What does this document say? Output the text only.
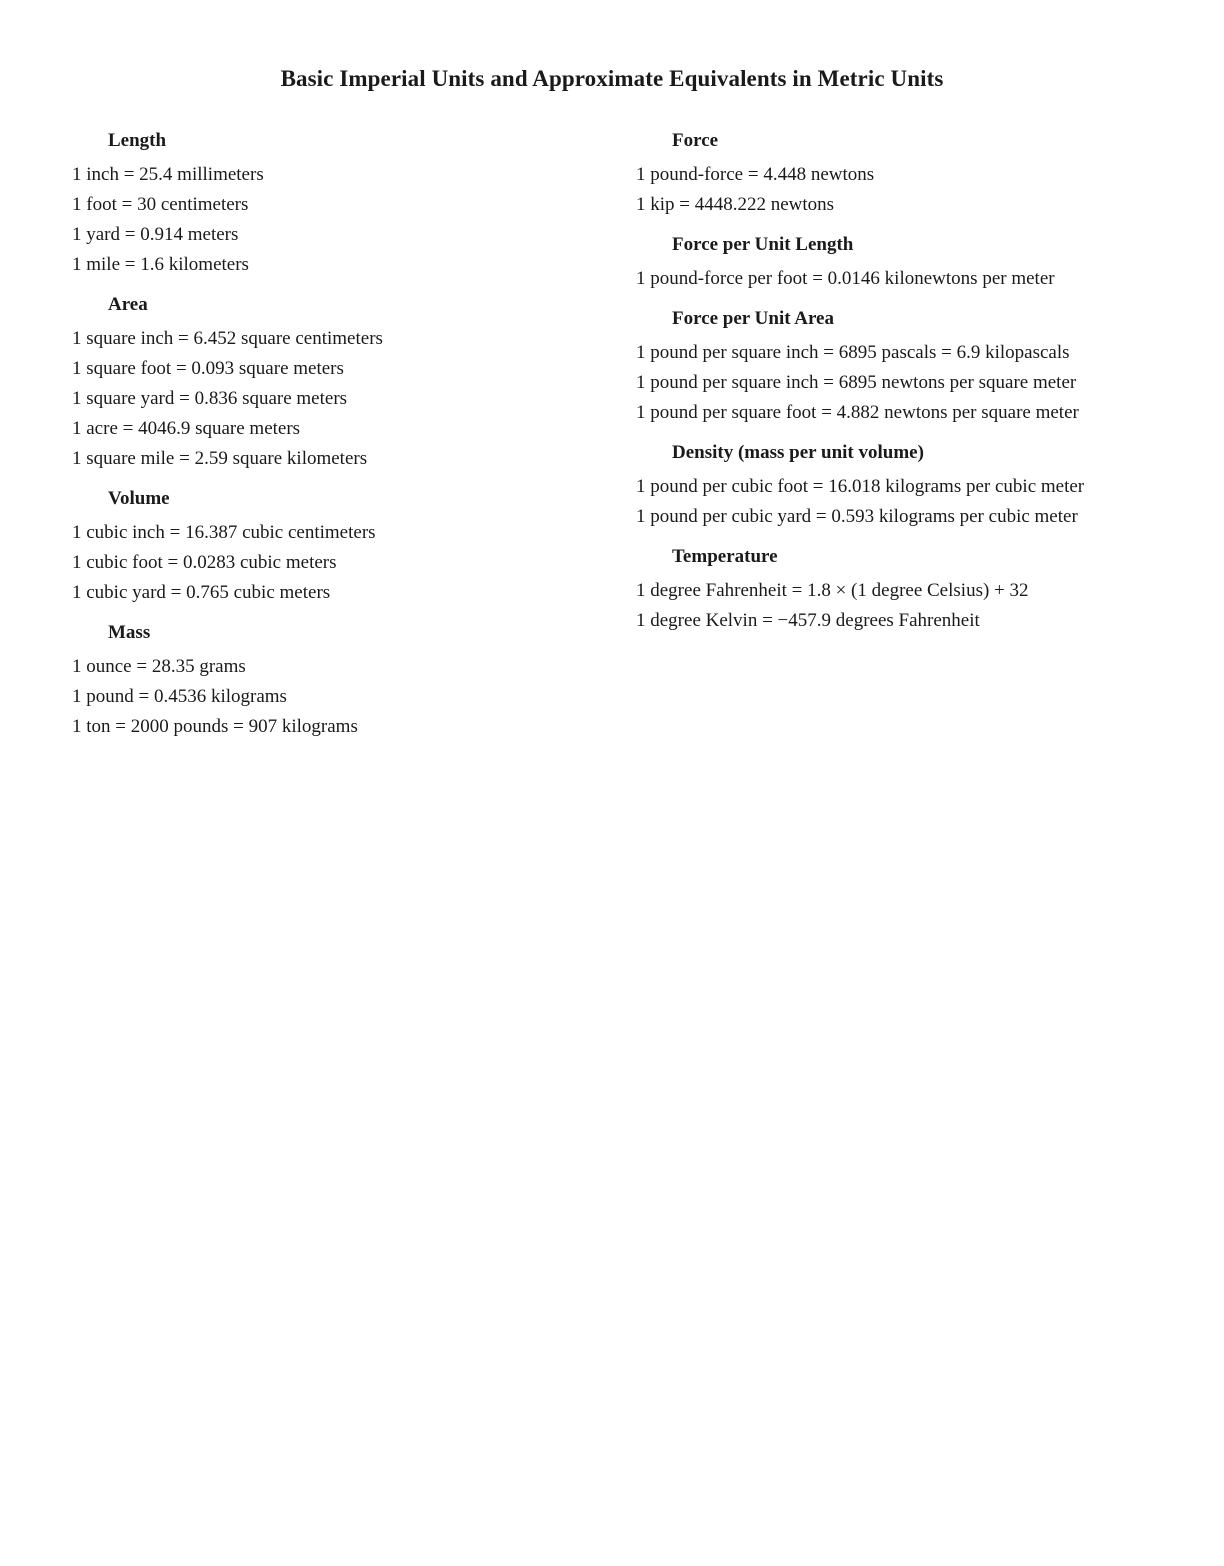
Basic Imperial Units and Approximate Equivalents in Metric Units
Length
1 inch = 25.4 millimeters
1 foot = 30 centimeters
1 yard = 0.914 meters
1 mile = 1.6 kilometers
Area
1 square inch = 6.452 square centimeters
1 square foot = 0.093 square meters
1 square yard = 0.836 square meters
1 acre = 4046.9 square meters
1 square mile = 2.59 square kilometers
Volume
1 cubic inch = 16.387 cubic centimeters
1 cubic foot = 0.0283 cubic meters
1 cubic yard = 0.765 cubic meters
Mass
1 ounce = 28.35 grams
1 pound = 0.4536 kilograms
1 ton = 2000 pounds = 907 kilograms
Force
1 pound-force = 4.448 newtons
1 kip = 4448.222 newtons
Force per Unit Length
1 pound-force per foot = 0.0146 kilonewtons per meter
Force per Unit Area
1 pound per square inch = 6895 pascals = 6.9 kilopascals
1 pound per square inch = 6895 newtons per square meter
1 pound per square foot = 4.882 newtons per square meter
Density (mass per unit volume)
1 pound per cubic foot = 16.018 kilograms per cubic meter
1 pound per cubic yard = 0.593 kilograms per cubic meter
Temperature
1 degree Fahrenheit = 1.8 × (1 degree Celsius) + 32
1 degree Kelvin = −457.9 degrees Fahrenheit
